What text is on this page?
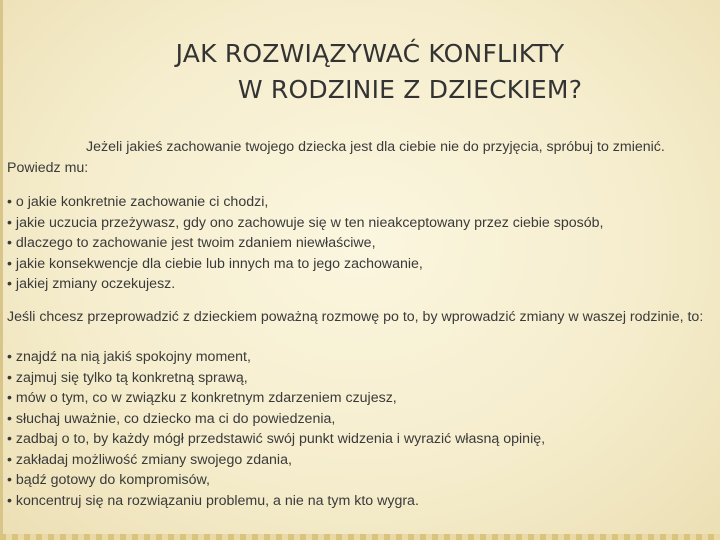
JAK ROZWIĄZYWAĆ KONFLIKTY
W RODZINIE Z DZIECKIEM?

Jeżeli jakieś zachowanie twojego dziecka jest dla ciebie nie do przyjęcia, spróbuj to zmienić. Powiedz mu:

• o jakie konkretnie zachowanie ci chodzi,
• jakie uczucia przeżywasz, gdy ono zachowuje się w ten nieakceptowany przez ciebie sposób,
• dlaczego to zachowanie jest twoim zdaniem niewłaściwe,
• jakie konsekwencje dla ciebie lub innych ma to jego zachowanie,
• jakiej zmiany oczekujesz.

Jeśli chcesz przeprowadzić z dzieckiem poważną rozmowę po to, by wprowadzić zmiany w waszej rodzinie, to:

• znajdź na nią jakiś spokojny moment,
• zajmuj się tylko tą konkretną sprawą,
• mów o tym, co w związku z konkretnym zdarzeniem czujesz,
• słuchaj uważnie, co dziecko ma ci do powiedzenia,
• zadbaj o to, by każdy mógł przedstawić swój punkt widzenia i wyrazić własną opinię,
• zakładaj możliwość zmiany swojego zdania,
• bądź gotowy do kompromisów,
• koncentruj się na rozwiązaniu problemu, a nie na tym kto wygra.
